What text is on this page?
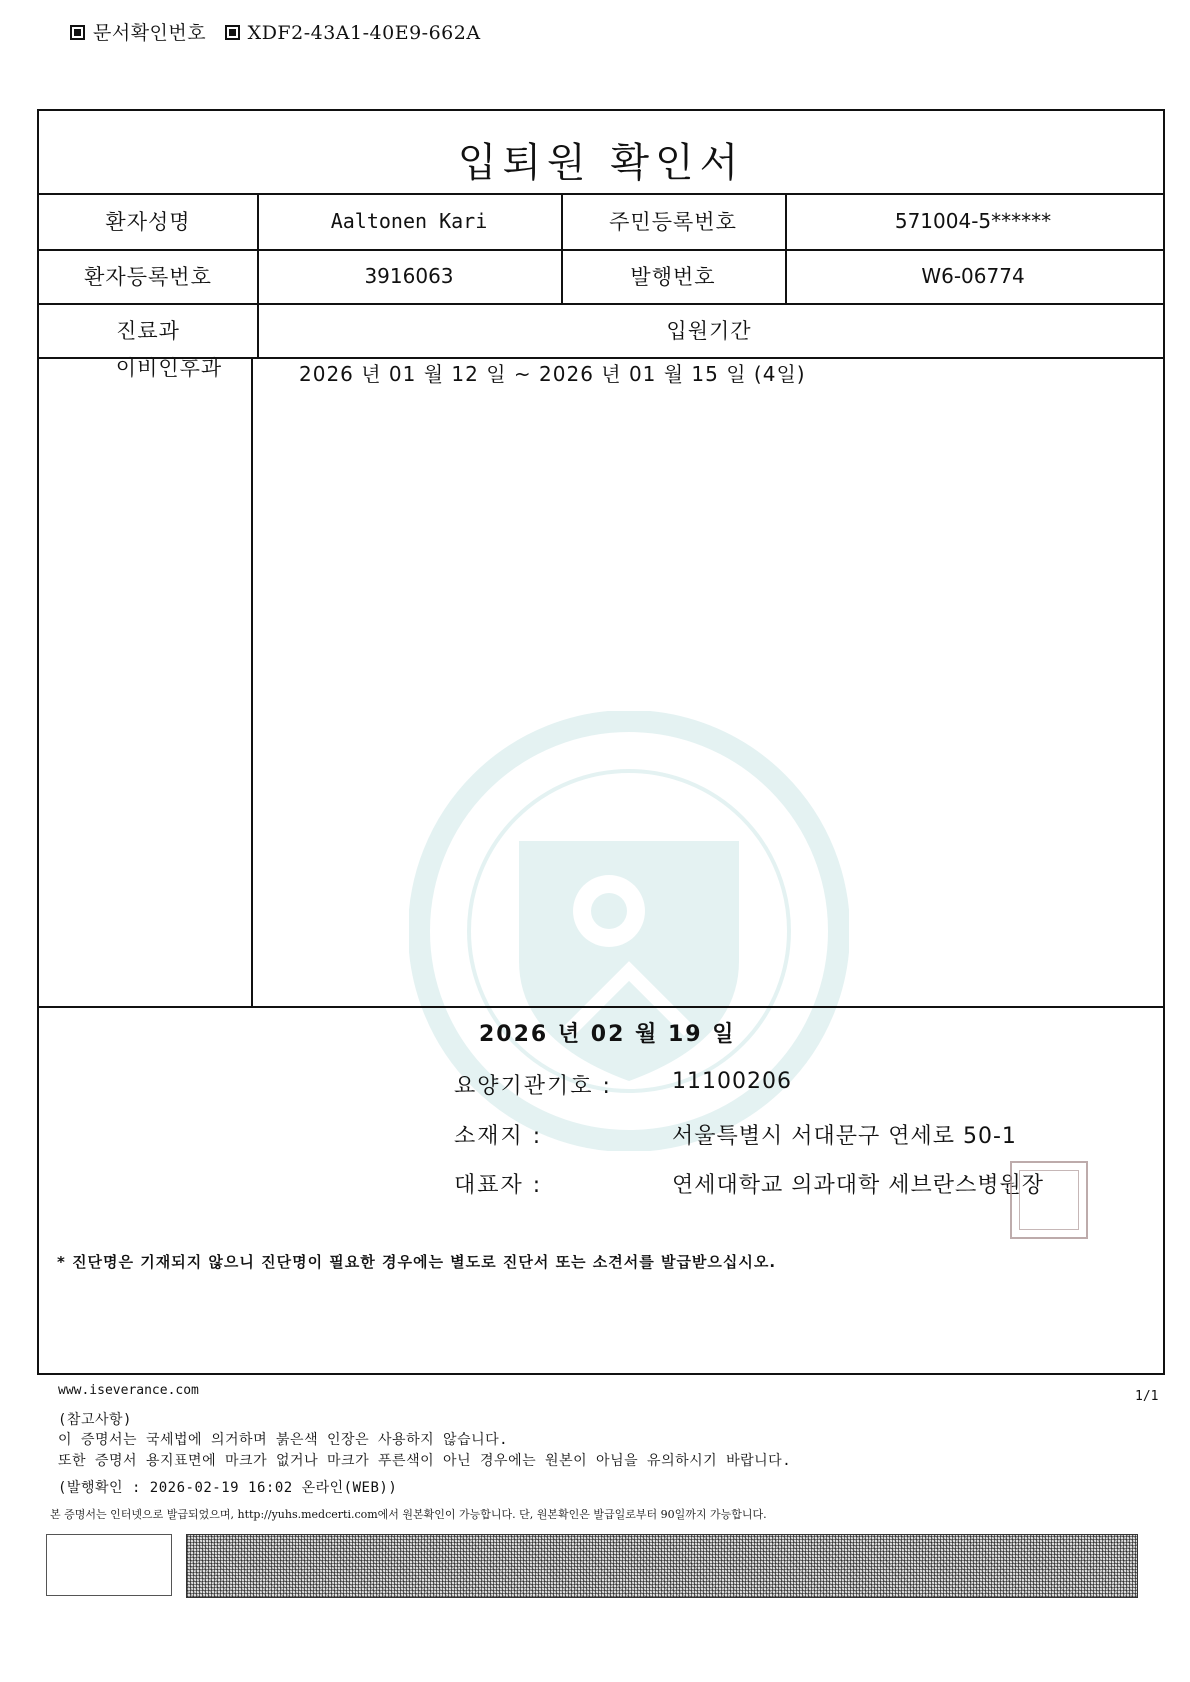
문서확인번호 XDF2-43A1-40E9-662A
입퇴원 확인서
환자성명	Aaltonen Kari	주민등록번호	571004-5******
환자등록번호	3916063	발행번호	W6-06774
진료과	입원기간
이비인후과	2026 년 01 월 12 일 ~ 2026 년 01 월 15 일 (4일)
2026 년 02 월 19 일
요양기관기호 :	11100206
소재지 :	서울특별시 서대문구 연세로 50-1
대표자 :	연세대학교 의과대학 세브란스병원장
* 진단명은 기재되지 않으니 진단명이 필요한 경우에는 별도로 진단서 또는 소견서를 발급받으십시오.
www.iseverance.com	1/1
(참고사항)
이 증명서는 국세법에 의거하며 붉은색 인장은 사용하지 않습니다.
또한 증명서 용지표면에 마크가 없거나 마크가 푸른색이 아닌 경우에는 원본이 아님을 유의하시기 바랍니다.
(발행확인 : 2026-02-19 16:02 온라인(WEB))
본 증명서는 인터넷으로 발급되었으며, http://yuhs.medcerti.com에서 원본확인이 가능합니다. 단, 원본확인은 발급일로부터 90일까지 가능합니다.
